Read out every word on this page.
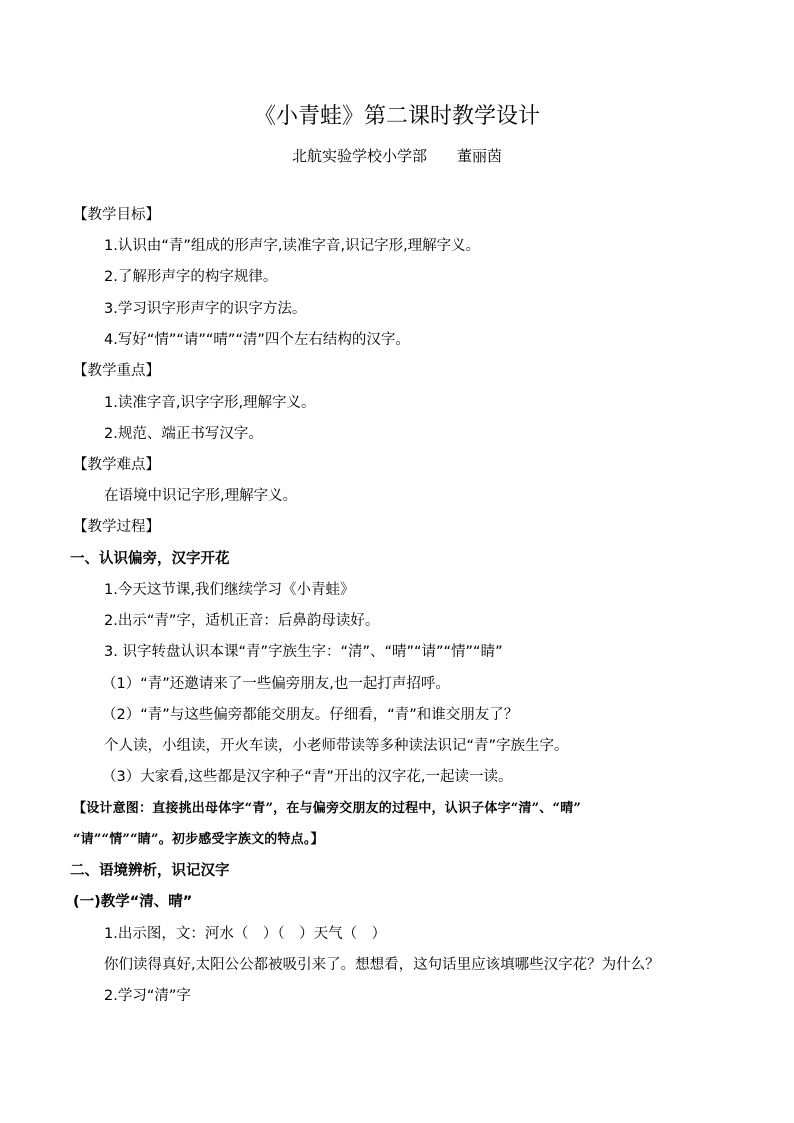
《小青蛙》第二课时教学设计
北航实验学校小学部 董丽茵
【教学目标】
1.认识由“青”组成的形声字,读准字音,识记字形,理解字义。
2.了解形声字的构字规律。
3.学习识字形声字的识字方法。
4.写好“情”“请”“晴”“清”四个左右结构的汉字。
【教学重点】
1.读准字音,识字字形,理解字义。
2.规范、端正书写汉字。
【教学难点】
在语境中识记字形,理解字义。
【教学过程】
一、认识偏旁，汉字开花
1.今天这节课,我们继续学习《小青蛙》
2.出示“青”字，适机正音：后鼻韵母读好。
3. 识字转盘认识本课“青”字族生字：“清”、“晴”“请”“情”“睛”
（1）“青”还邀请来了一些偏旁朋友,也一起打声招呼。
（2）“青”与这些偏旁都能交朋友。仔细看，“青”和谁交朋友了？
个人读，小组读，开火车读，小老师带读等多种读法识记“青”字族生字。
（3）大家看,这些都是汉字种子“青”开出的汉字花,一起读一读。
【设计意图：直接挑出母体字“青”，在与偏旁交朋友的过程中，认识子体字“清”、“晴”
“请”“情”“睛”。初步感受字族文的特点。】
二、语境辨析，识记汉字
(一)教学“清、晴”
1.出示图，文：河水（　）（　）天气（　）
你们读得真好,太阳公公都被吸引来了。想想看，这句话里应该填哪些汉字花？为什么？
2.学习“清”字
